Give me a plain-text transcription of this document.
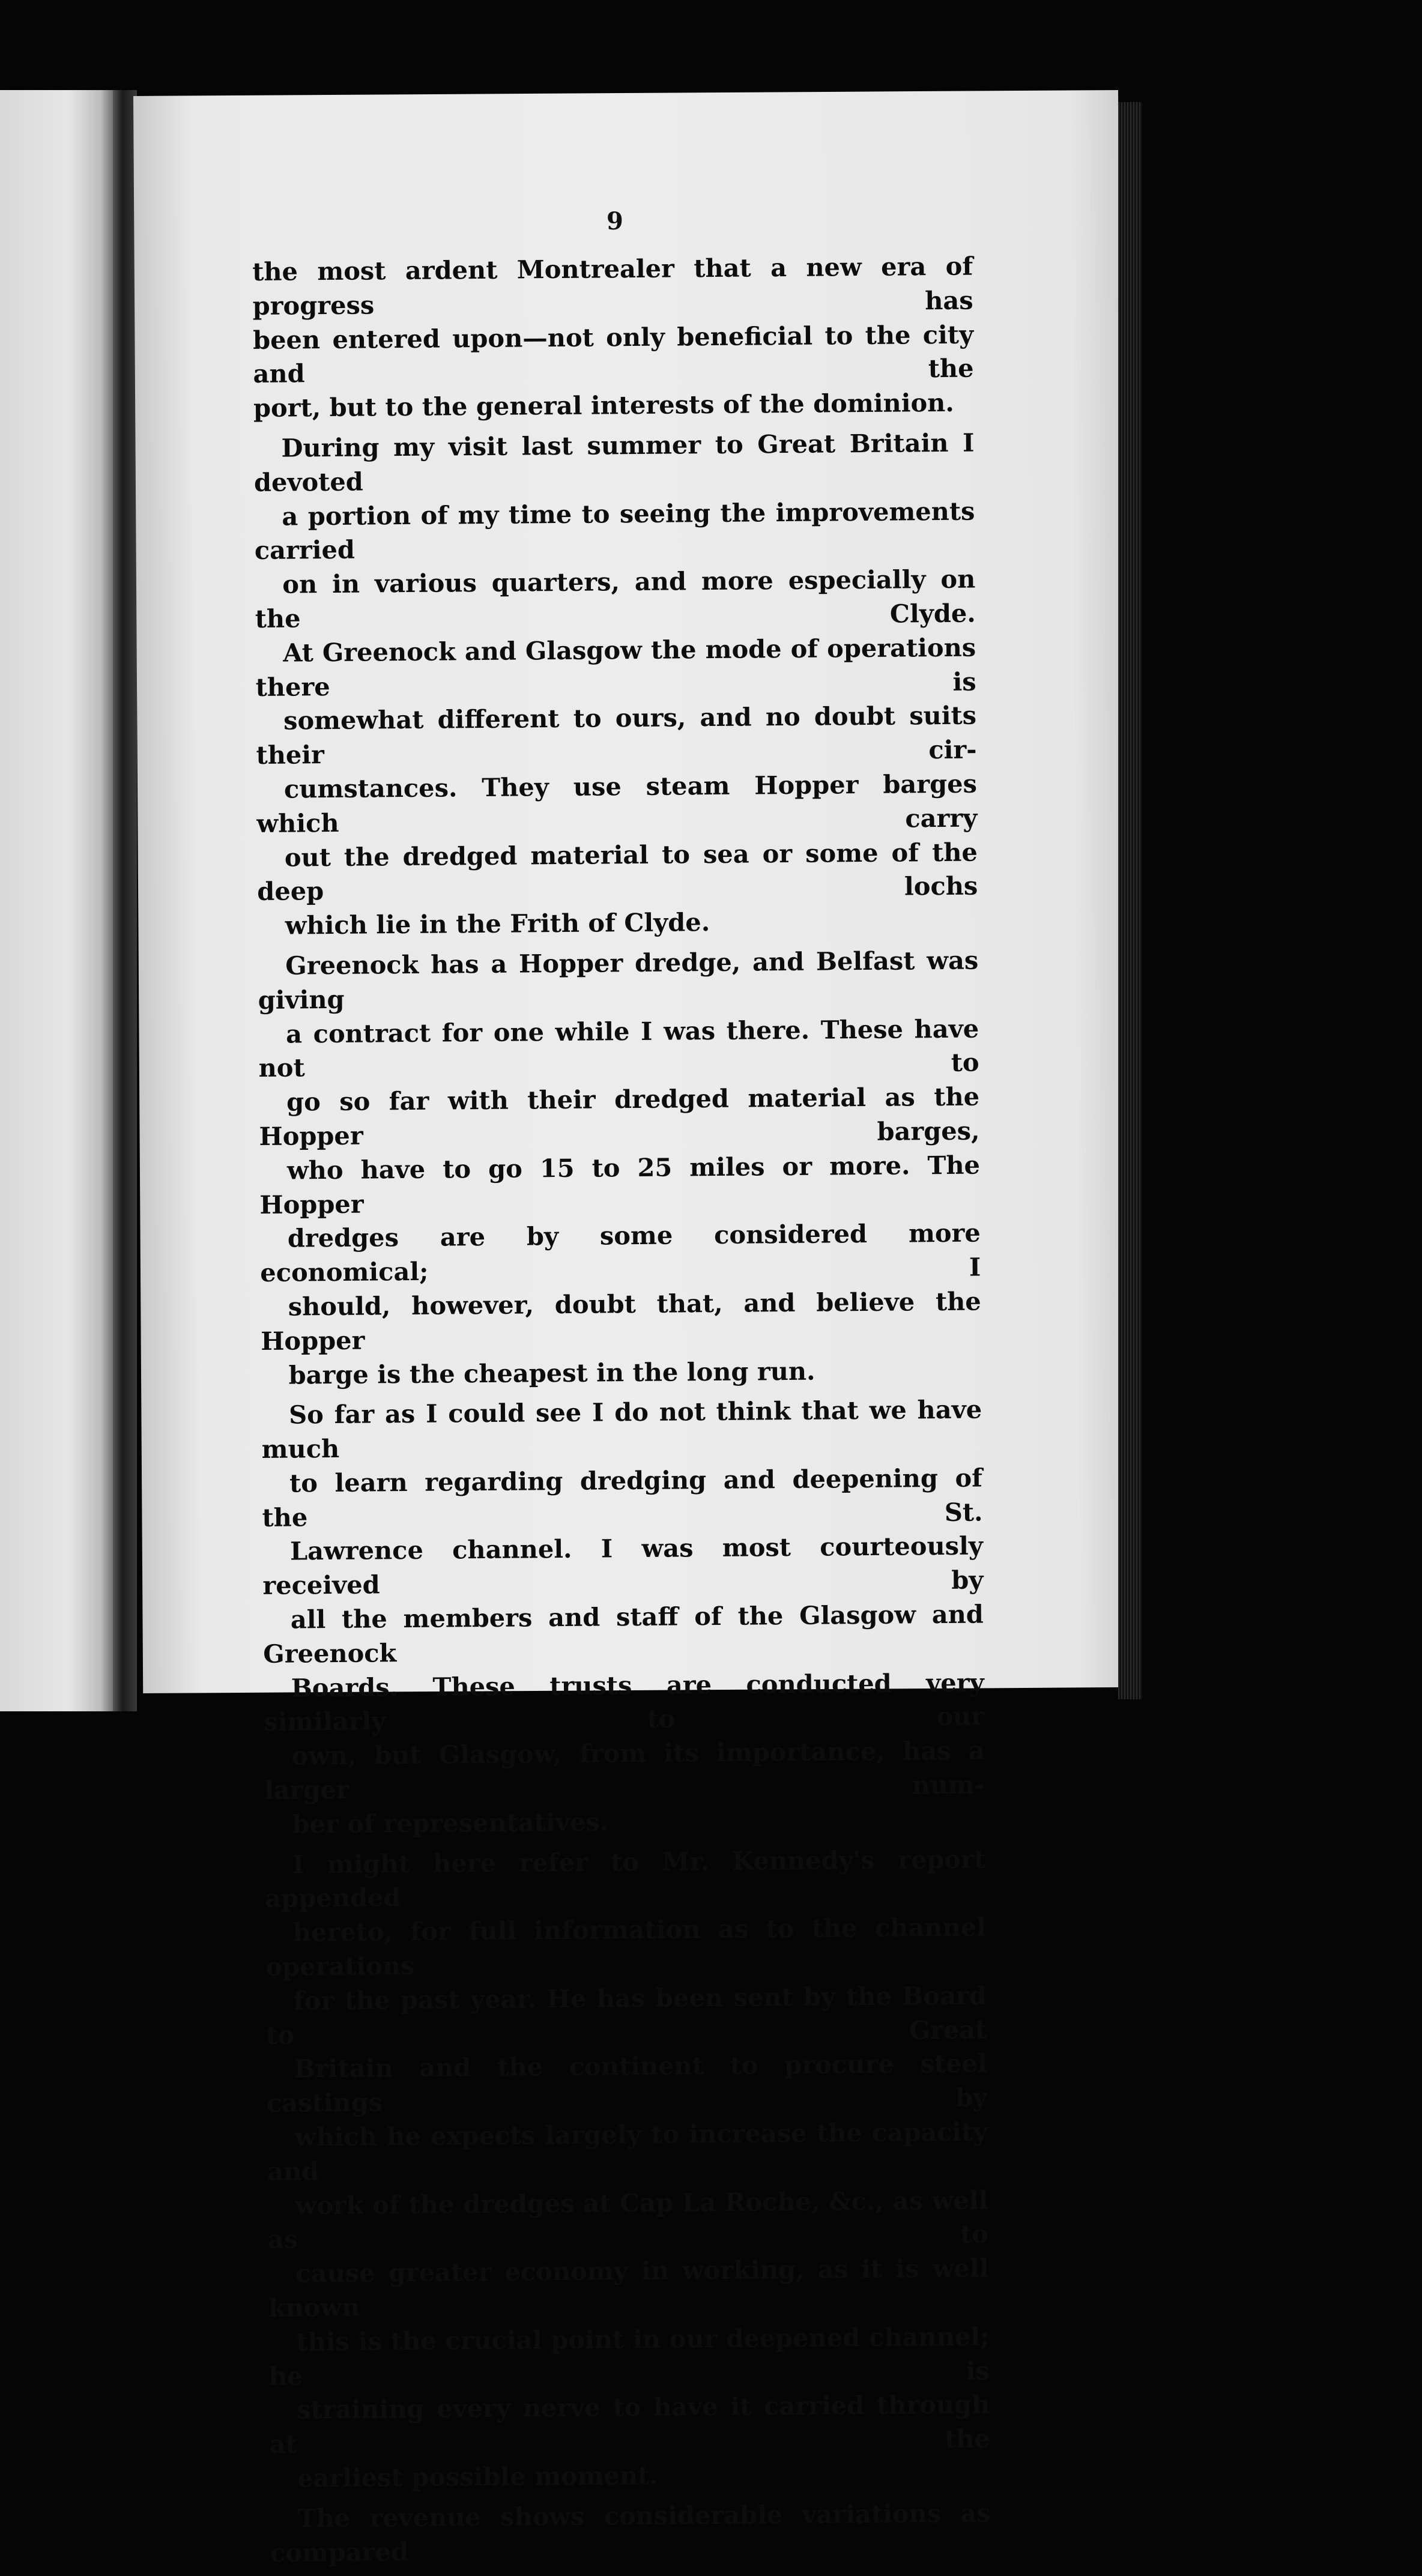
9

the most ardent Montrealer that a new era of progress has
been entered upon—not only beneficial to the city and the
port, but to the general interests of the dominion.

During my visit last summer to Great Britain I devoted
a portion of my time to seeing the improvements carried
on in various quarters, and more especially on the Clyde.
At Greenock and Glasgow the mode of operations there is
somewhat different to ours, and no doubt suits their cir-
cumstances. They use steam Hopper barges which carry
out the dredged material to sea or some of the deep lochs
which lie in the Frith of Clyde.

Greenock has a Hopper dredge, and Belfast was giving
a contract for one while I was there. These have not to
go so far with their dredged material as the Hopper barges,
who have to go 15 to 25 miles or more. The Hopper
dredges are by some considered more economical; I
should, however, doubt that, and believe the Hopper
barge is the cheapest in the long run.

So far as I could see I do not think that we have much
to learn regarding dredging and deepening of the St.
Lawrence channel. I was most courteously received by
all the members and staff of the Glasgow and Greenock
Boards. These trusts are conducted very similarly to our
own, but Glasgow, from its importance, has a larger num-
ber of representatives.

I might here refer to Mr. Kennedy's report appended
hereto, for full information as to the channel operations
for the past year. He has been sent by the Board to Great
Britain and the continent to procure steel castings by
which he expects largely to increase the capacity and
work of the dredges at Cap La Roche, &c., as well as to
cause greater economy in working, as it is well known
this is the crucial point in our deepened channel; he is
straining every nerve to have it carried through at the
earliest possible moment.

The revenue shows considerable variations as compared
